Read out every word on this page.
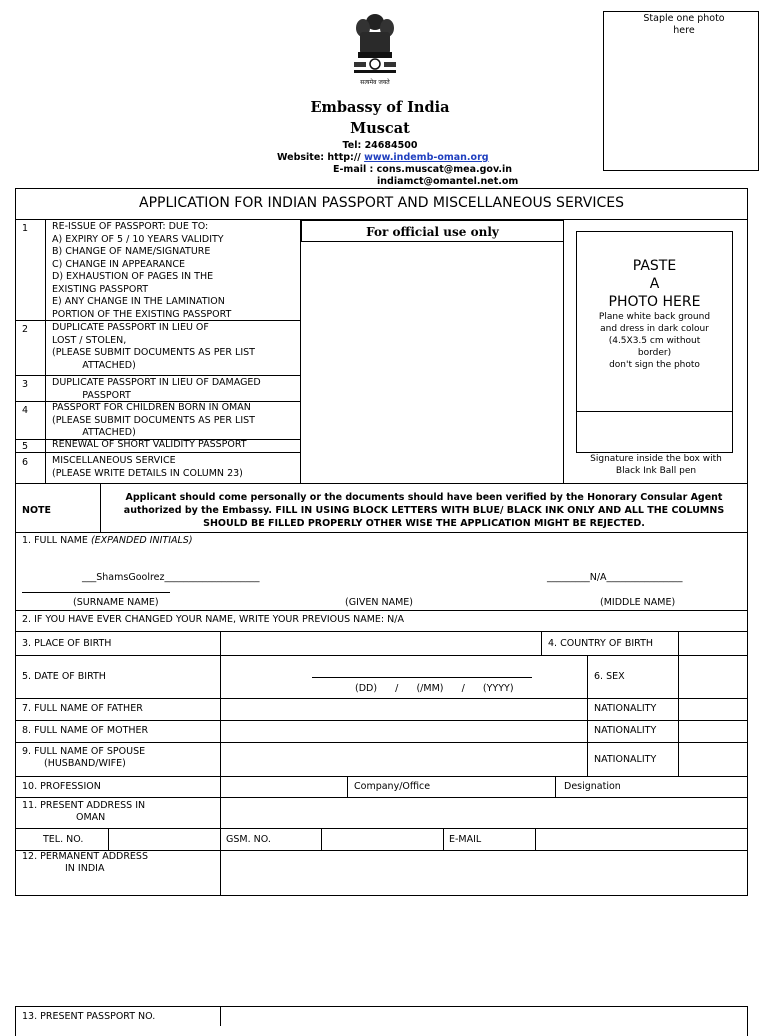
सत्यमेव जयते
Embassy of India
Muscat
Tel: 24684500
Website: http:// www.indemb-oman.org
E-mail : cons.muscat@mea.gov.in
indiamct@omantel.net.om
Staple one photo here
APPLICATION FOR INDIAN PASSPORT AND MISCELLANEOUS SERVICES
For official use only
PASTE
A
PHOTO HERE
Plane white back ground
and dress in dark colour
(4.5X3.5 cm without
border)
don't sign the photo
Signature inside the box with
Black Ink Ball pen
1	RE-ISSUE OF PASSPORT: DUE TO:
A) EXPIRY OF 5 / 10 YEARS VALIDITY
B) CHANGE OF NAME/SIGNATURE
C) CHANGE IN APPEARANCE
D) EXHAUSTION OF PAGES IN THE
EXISTING PASSPORT
E) ANY CHANGE IN THE LAMINATION
PORTION OF THE EXISTING PASSPORT
2	DUPLICATE PASSPORT IN LIEU OF
LOST / STOLEN,
(PLEASE SUBMIT DOCUMENTS AS PER LIST
ATTACHED)
3	DUPLICATE PASSPORT IN LIEU OF DAMAGED
PASSPORT
4	PASSPORT FOR CHILDREN BORN IN OMAN
(PLEASE SUBMIT DOCUMENTS AS PER LIST
ATTACHED)
5	RENEWAL OF SHORT VALIDITY PASSPORT
6	MISCELLANEOUS SERVICE
(PLEASE WRITE DETAILS IN COLUMN 23)
NOTE
Applicant should come personally or the documents should have been verified by the Honorary Consular Agent authorized by the Embassy. FILL IN USING BLOCK LETTERS WITH BLUE/ BLACK INK ONLY AND ALL THE COLUMNS SHOULD BE FILLED PROPERLY OTHER WISE THE APPLICATION MIGHT BE REJECTED.
1. FULL NAME (EXPANDED INITIALS)
___ShamsGoolrez____________________	_________N/A________________
(SURNAME NAME)	(GIVEN NAME)	(MIDDLE NAME)
2. IF YOU HAVE EVER CHANGED YOUR NAME, WRITE YOUR PREVIOUS NAME: N/A
3. PLACE OF BIRTH	4. COUNTRY OF BIRTH
5. DATE OF BIRTH
(DD)      /      (/MM)      /      (YYYY)
6. SEX
7. FULL NAME OF FATHER	NATIONALITY
8. FULL NAME OF MOTHER	NATIONALITY
9. FULL NAME OF SPOUSE
(HUSBAND/WIFE)	NATIONALITY
10. PROFESSION	Company/Office	Designation
11. PRESENT ADDRESS IN
OMAN
TEL. NO.	GSM. NO.	E-MAIL
12. PERMANENT ADDRESS
IN INDIA
13. PRESENT PASSPORT NO.
